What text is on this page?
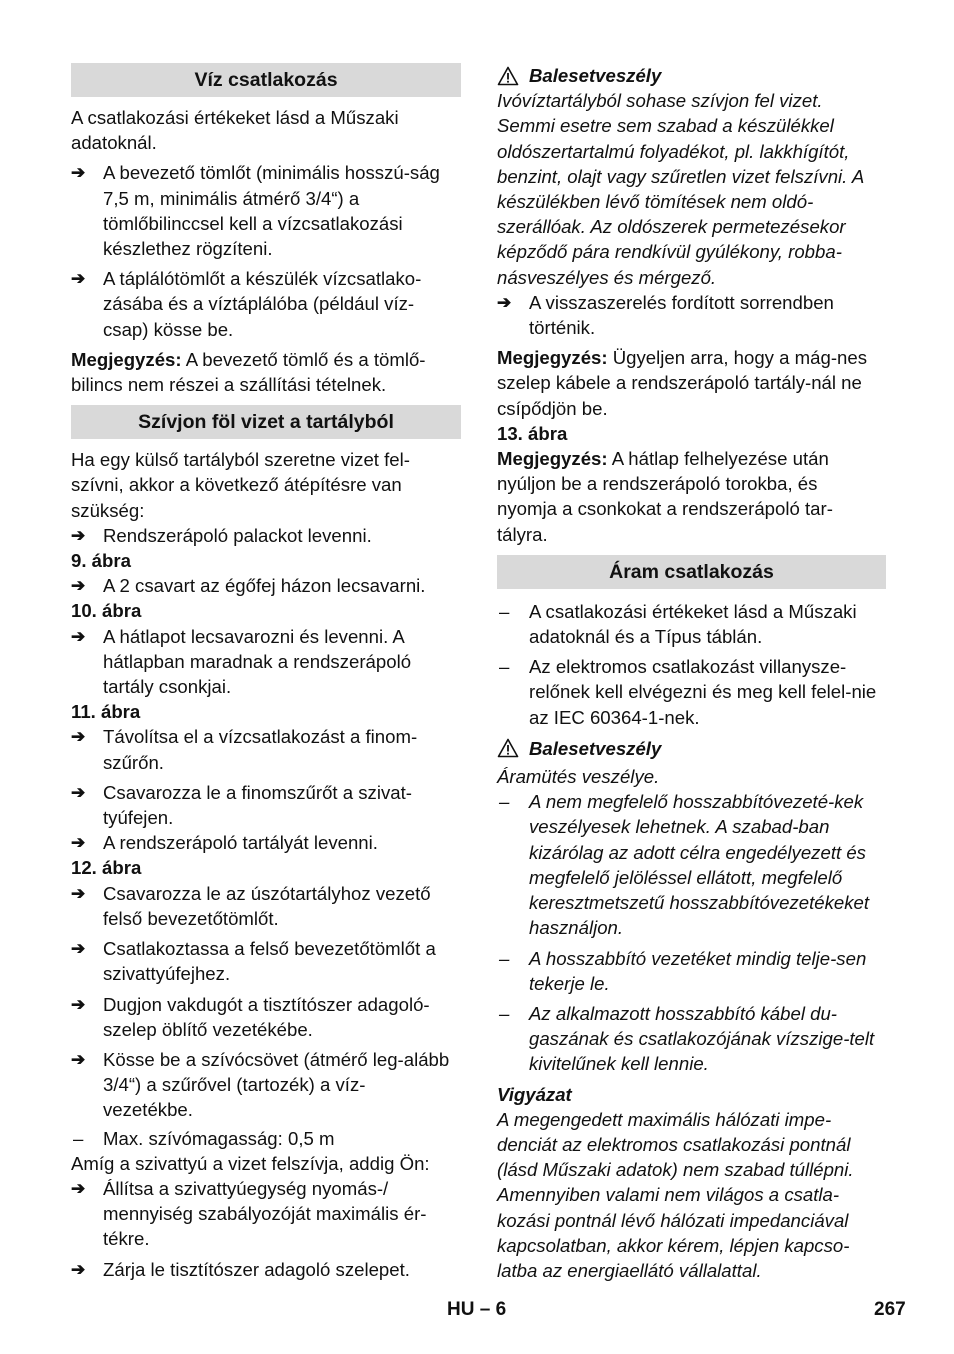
Víz csatlakozás

A csatlakozási értékeket lásd a Műszaki adatoknál.

➔ A bevezető tömlőt (minimális hosszú-ság 7,5 m, minimális átmérő 3/4“) a tömlőbilinccsel kell a vízcsatlakozási készlethez rögzíteni.
➔ A táplálótömlőt a készülék vízcsatlako-zásába és a víztáplálóba (például víz-csap) kösse be.

Megjegyzés: A bevezető tömlő és a tömlő-bilincs nem részei a szállítási tételnek.

Szívjon föl vizet a tartályból

Ha egy külső tartályból szeretne vizet fel-szívni, akkor a következő átépítésre van szükség:

➔ Rendszerápoló palackot levenni.

9. ábra

➔ A 2 csavart az égőfej házon lecsavarni.

10. ábra

➔ A hátlapot lecsavarozni és levenni. A hátlapban maradnak a rendszerápoló tartály csonkjai.

11. ábra

➔ Távolítsa el a vízcsatlakozást a finom-szűrőn.
➔ Csavarozza le a finomszűrőt a szivat-tyúfejen.
➔ A rendszerápoló tartályát levenni.

12. ábra

➔ Csavarozza le az úszótartályhoz vezető felső bevezetőtömlőt.
➔ Csatlakoztassa a felső bevezetőtömlőt a szivattyúfejhez.
➔ Dugjon vakdugót a tisztítószer adagoló-szelep öblítő vezetékébe.
➔ Kösse be a szívócsövet (átmérő leg-alább 3/4“) a szűrővel (tartozék) a víz-vezetékbe.
–	Max. szívómagasság: 0,5 m

Amíg a szivattyú a vizet felszívja, addig Ön:

➔ Állítsa a szivattyúegység nyomás-/ mennyiség szabályozóját maximális ér-tékre.
➔ Zárja le tisztítószer adagoló szelepet.
Balesetveszély

Ivóvíztartályból sohase szívjon fel vizet. Semmi esetre sem szabad a készülékkel oldószertartalmú folyadékot, pl. lakkhígítót, benzint, olajt vagy szűretlen vizet felszívni. A készülékben lévő tömítések nem oldó-szerállóak. Az oldószerek permetezésekor képződő pára rendkívül gyúlékony, robba-násveszélyes és mérgező.

➔ A visszaszerelés fordított sorrendben történik.

Megjegyzés: Ügyeljen arra, hogy a mág-nes szelep kábele a rendszerápoló tartály-nál ne csípődjön be.

13. ábra

Megjegyzés: A hátlap felhelyezése után nyúljon be a rendszerápoló torokba, és nyomja a csonkokat a rendszerápoló tar-tályra.

Áram csatlakozás
–	A csatlakozási értékeket lásd a Műszaki adatoknál és a Típus táblán.
–	Az elektromos csatlakozást villanysze-relőnek kell elvégezni és meg kell felel-nie az IEC 60364-1-nek.
Balesetveszély

Áramütés veszélye.

–	A nem megfelelő hosszabbítóvezeté-kek veszélyesek lehetnek. A szabad-ban kizárólag az adott célra engedélyezett és megfelelő jelöléssel ellátott, megfelelő keresztmetszetű hosszabbítóvezetékeket használjon.
–	A hosszabbító vezetéket mindig telje-sen tekerje le.
–	Az alkalmazott hosszabbító kábel du-gaszának és csatlakozójának vízszige-telt kivitelűnek kell lennie.

Vigyázat

A megengedett maximális hálózati impe-denciát az elektromos csatlakozási pontnál (lásd Műszaki adatok) nem szabad túllépni. Amennyiben valami nem világos a csatla-kozási pontnál lévő hálózati impedanciával kapcsolatban, akkor kérem, lépjen kapcso-latba az energiaellátó vállalattal.

HU – 6	267
